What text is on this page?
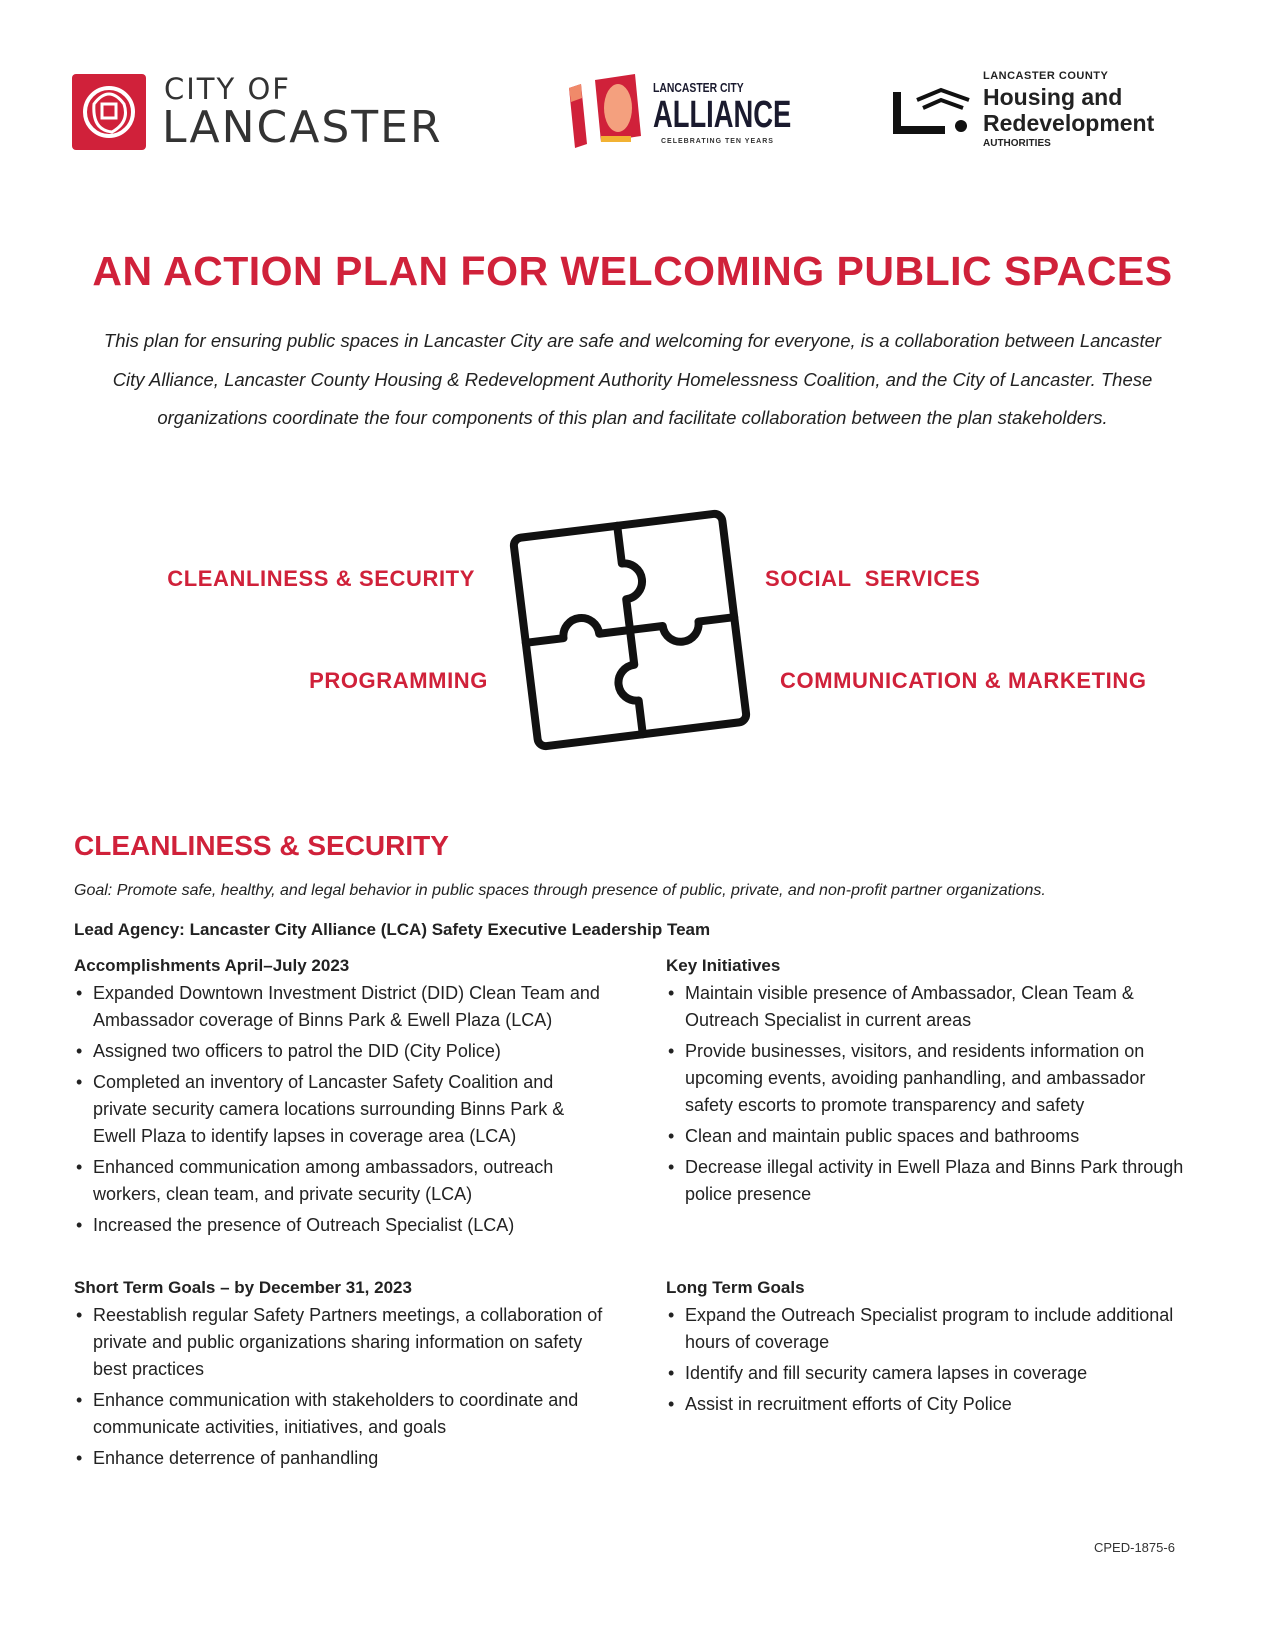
CITY OF
LANCASTER
LANCASTER CITY
ALLIANCE
CELEBRATING TEN YEARS
LANCASTER COUNTY
Housing and
Redevelopment
AUTHORITIES
AN ACTION PLAN FOR WELCOMING PUBLIC SPACES

This plan for ensuring public spaces in Lancaster City are safe and welcoming for everyone, is a collaboration between Lancaster City Alliance, Lancaster County Housing & Redevelopment Authority Homelessness Coalition, and the City of Lancaster. These organizations coordinate the four components of this plan and facilitate collaboration between the plan stakeholders.

CLEANLINESS & SECURITY	SOCIAL  SERVICES
PROGRAMMING	COMMUNICATION & MARKETING
CLEANLINESS & SECURITY
Goal: Promote safe, healthy, and legal behavior in public spaces through presence of public, private, and non-profit partner organizations.
Lead Agency: Lancaster City Alliance (LCA) Safety Executive Leadership Team
Accomplishments April–July 2023
• Expanded Downtown Investment District (DID) Clean Team and Ambassador coverage of Binns Park & Ewell Plaza (LCA)
• Assigned two officers to patrol the DID (City Police)
• Completed an inventory of Lancaster Safety Coalition and private security camera locations surrounding Binns Park & Ewell Plaza to identify lapses in coverage area (LCA)
• Enhanced communication among ambassadors, outreach workers, clean team, and private security (LCA)
• Increased the presence of Outreach Specialist (LCA)
Key Initiatives
• Maintain visible presence of Ambassador, Clean Team & Outreach Specialist in current areas
• Provide businesses, visitors, and residents information on upcoming events, avoiding panhandling, and ambassador safety escorts to promote transparency and safety
• Clean and maintain public spaces and bathrooms
• Decrease illegal activity in Ewell Plaza and Binns Park through police presence
Short Term Goals – by December 31, 2023
• Reestablish regular Safety Partners meetings, a collaboration of private and public organizations sharing information on safety best practices
• Enhance communication with stakeholders to coordinate and communicate activities, initiatives, and goals
• Enhance deterrence of panhandling
Long Term Goals
• Expand the Outreach Specialist program to include additional hours of coverage
• Identify and fill security camera lapses in coverage
• Assist in recruitment efforts of City Police
CPED-1875-6
